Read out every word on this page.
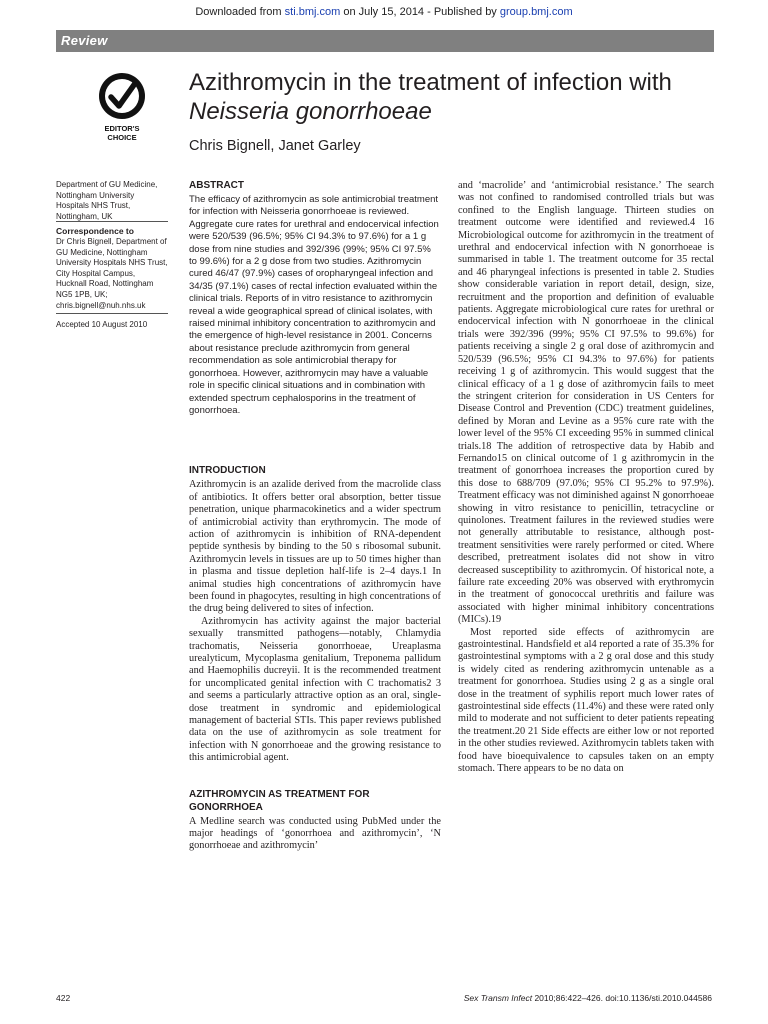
Downloaded from sti.bmj.com on July 15, 2014 - Published by group.bmj.com
Review
EDITOR'S
CHOICE
Azithromycin in the treatment of infection with
Neisseria gonorrhoeae
Chris Bignell, Janet Garley
Department of GU Medicine, Nottingham University Hospitals NHS Trust, Nottingham, UK
Correspondence to
Dr Chris Bignell, Department of GU Medicine, Nottingham University Hospitals NHS Trust, City Hospital Campus, Hucknall Road, Nottingham NG5 1PB, UK; chris.bignell@nuh.nhs.uk
Accepted 10 August 2010
ABSTRACT

The efficacy of azithromycin as sole antimicrobial treatment for infection with Neisseria gonorrhoeae is reviewed. Aggregate cure rates for urethral and endocervical infection were 520/539 (96.5%; 95% CI 94.3% to 97.6%) for a 1 g dose from nine studies and 392/396 (99%; 95% CI 97.5% to 99.6%) for a 2 g dose from two studies. Azithromycin cured 46/47 (97.9%) cases of oropharyngeal infection and 34/35 (97.1%) cases of rectal infection evaluated within the clinical trials. Reports of in vitro resistance to azithromycin reveal a wide geographical spread of clinical isolates, with raised minimal inhibitory concentration to azithromycin and the emergence of high-level resistance in 2001. Concerns about resistance preclude azithromycin from general recommendation as sole antimicrobial therapy for gonorrhoea. However, azithromycin may have a valuable role in specific clinical situations and in combination with extended spectrum cephalosporins in the treatment of gonorrhoea.

INTRODUCTION

Azithromycin is an azalide derived from the macrolide class of antibiotics. It offers better oral absorption, better tissue penetration, unique pharmacokinetics and a wider spectrum of antimicrobial activity than erythromycin. The mode of action of azithromycin is inhibition of RNA-dependent peptide synthesis by binding to the 50 s ribosomal subunit. Azithromycin levels in tissues are up to 50 times higher than in plasma and tissue depletion half-life is 2–4 days.1 In animal studies high concentrations of azithromycin have been found in phagocytes, resulting in high concentrations of the drug being delivered to sites of infection.

Azithromycin has activity against the major bacterial sexually transmitted pathogens—notably, Chlamydia trachomatis, Neisseria gonorrhoeae, Ureaplasma urealyticum, Mycoplasma genitalium, Treponema pallidum and Haemophilis ducreyii. It is the recommended treatment for uncomplicated genital infection with C trachomatis2 3 and seems a particularly attractive option as an oral, single-dose treatment in syndromic and epidemiological management of bacterial STIs. This paper reviews published data on the use of azithromycin as sole treatment for infection with N gonorrhoeae and the growing resistance to this antimicrobial agent.

AZITHROMYCIN AS TREATMENT FOR GONORRHOEA

A Medline search was conducted using PubMed under the major headings of ‘gonorrhoea and azithromycin’, ‘N gonorrhoeae and azithromycin’

and ‘macrolide’ and ‘antimicrobial resistance.’ The search was not confined to randomised controlled trials but was confined to the English language. Thirteen studies on treatment outcome were identified and reviewed.4 16 Microbiological outcome for azithromycin in the treatment of urethral and endocervical infection with N gonorrhoeae is summarised in table 1. The treatment outcome for 35 rectal and 46 pharyngeal infections is presented in table 2. Studies show considerable variation in report detail, design, size, recruitment and the proportion and definition of evaluable patients. Aggregate microbiological cure rates for urethral or endocervical infection with N gonorrhoeae in the clinical trials were 392/396 (99%; 95% CI 97.5% to 99.6%) for patients receiving a single 2 g oral dose of azithromycin and 520/539 (96.5%; 95% CI 94.3% to 97.6%) for patients receiving 1 g of azithromycin. This would suggest that the clinical efficacy of a 1 g dose of azithromycin fails to meet the stringent criterion for consideration in US Centers for Disease Control and Prevention (CDC) treatment guidelines, defined by Moran and Levine as a 95% cure rate with the lower level of the 95% CI exceeding 95% in summed clinical trials.18 The addition of retrospective data by Habib and Fernando15 on clinical outcome of 1 g azithromycin in the treatment of gonorrhoea increases the proportion cured by this dose to 688/709 (97.0%; 95% CI 95.2% to 97.9%). Treatment efficacy was not diminished against N gonorrhoeae showing in vitro resistance to penicillin, tetracycline or quinolones. Treatment failures in the reviewed studies were not generally attributable to resistance, although post-treatment sensitivities were rarely performed or cited. Where described, pretreatment isolates did not show in vitro decreased susceptibility to azithromycin. Of historical note, a failure rate exceeding 20% was observed with erythromycin in the treatment of gonococcal urethritis and failure was associated with higher minimal inhibitory concentrations (MICs).19

Most reported side effects of azithromycin are gastrointestinal. Handsfield et al4 reported a rate of 35.3% for gastrointestinal symptoms with a 2 g oral dose and this study is widely cited as rendering azithromycin untenable as a treatment for gonorrhoea. Studies using 2 g as a single oral dose in the treatment of syphilis report much lower rates of gastrointestinal side effects (11.4%) and these were rated only mild to moderate and not sufficient to deter patients repeating the treatment.20 21 Side effects are either low or not reported in the other studies reviewed. Azithromycin tablets taken with food have bioequivalence to capsules taken on an empty stomach. There appears to be no data on

422	Sex Transm Infect 2010;86:422–426. doi:10.1136/sti.2010.044586
